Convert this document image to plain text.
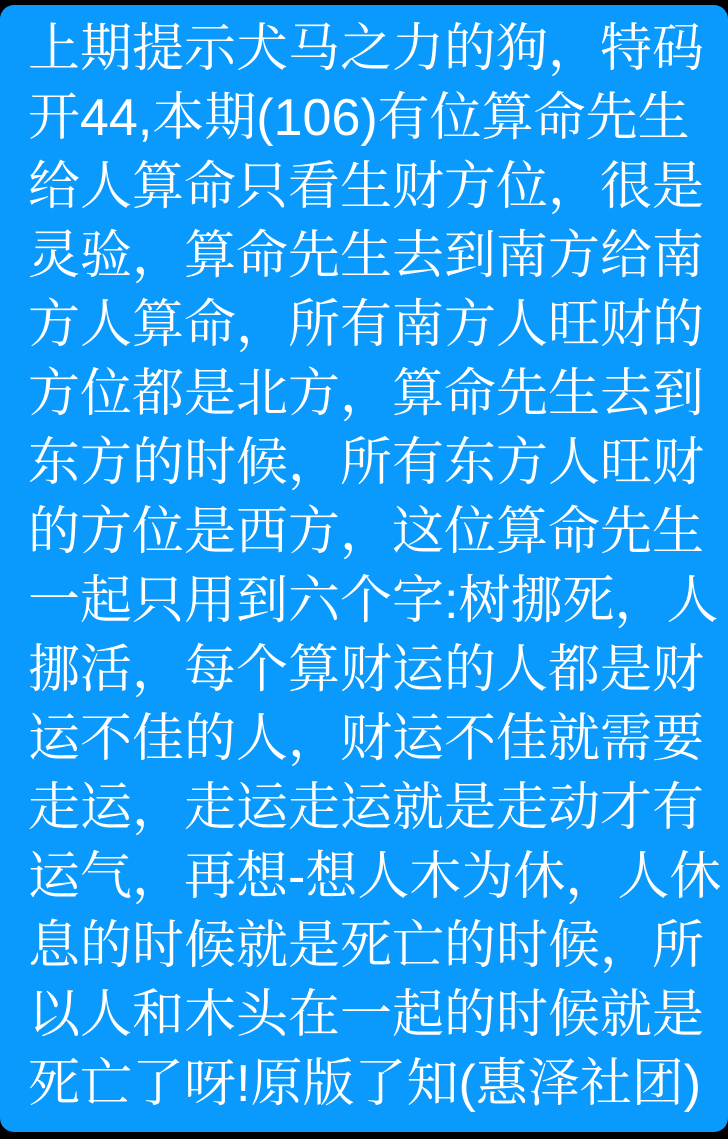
上期提示犬马之力的狗，特码
开44,本期(106)有位算命先生
给人算命只看生财方位，很是
灵验，算命先生去到南方给南
方人算命，所有南方人旺财的
方位都是北方，算命先生去到
东方的时候，所有东方人旺财
的方位是西方，这位算命先生
一起只用到六个字:树挪死，人
挪活，每个算财运的人都是财
运不佳的人，财运不佳就需要
走运，走运走运就是走动才有
运气，再想-想人木为休，人休
息的时候就是死亡的时候，所
以人和木头在一起的时候就是
死亡了呀!原版了知(惠泽社团)
